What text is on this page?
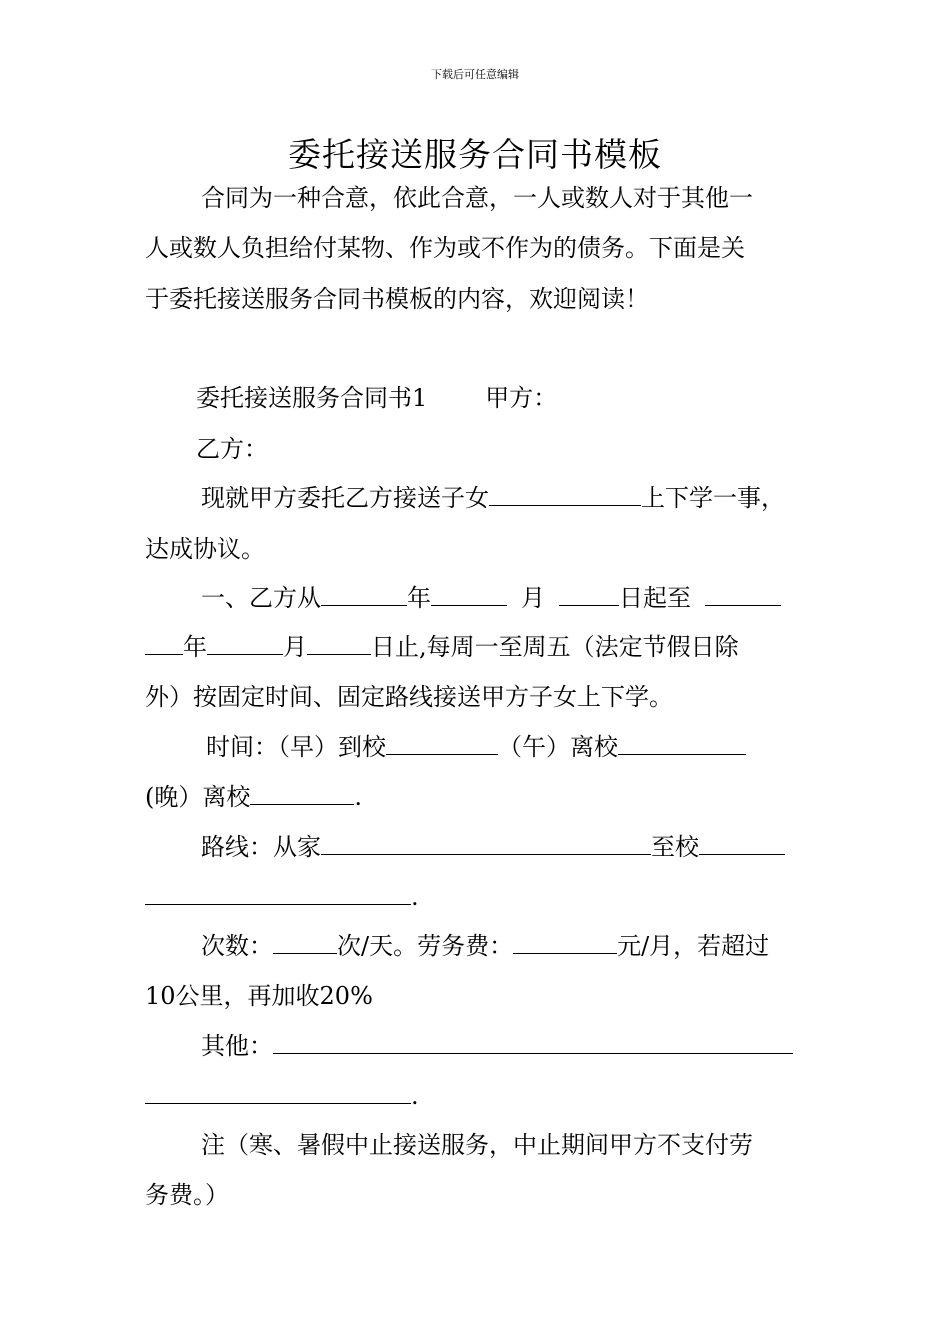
下载后可任意编辑
委托接送服务合同书模板
合同为一种合意，依此合意，一人或数人对于其他一
人或数人负担给付某物、作为或不作为的债务。下面是关
于委托接送服务合同书模板的内容，欢迎阅读！
委托接送服务合同书1 甲方：
乙方：
现就甲方委托乙方接送子女	上下学一事，
达成协议。
一、乙方从	年	月	日起至
年	月	日止,每周一至周五（法定节假日除
外）按固定时间、固定路线接送甲方子女上下学。
时间：（早）到校	（午）离校
(晚）离校	.
路线：从家	至校
.
次数：	次/天。劳务费：	元/月，若超过
10公里，再加收20%
其他：
.
注（寒、暑假中止接送服务，中止期间甲方不支付劳
务费。）
